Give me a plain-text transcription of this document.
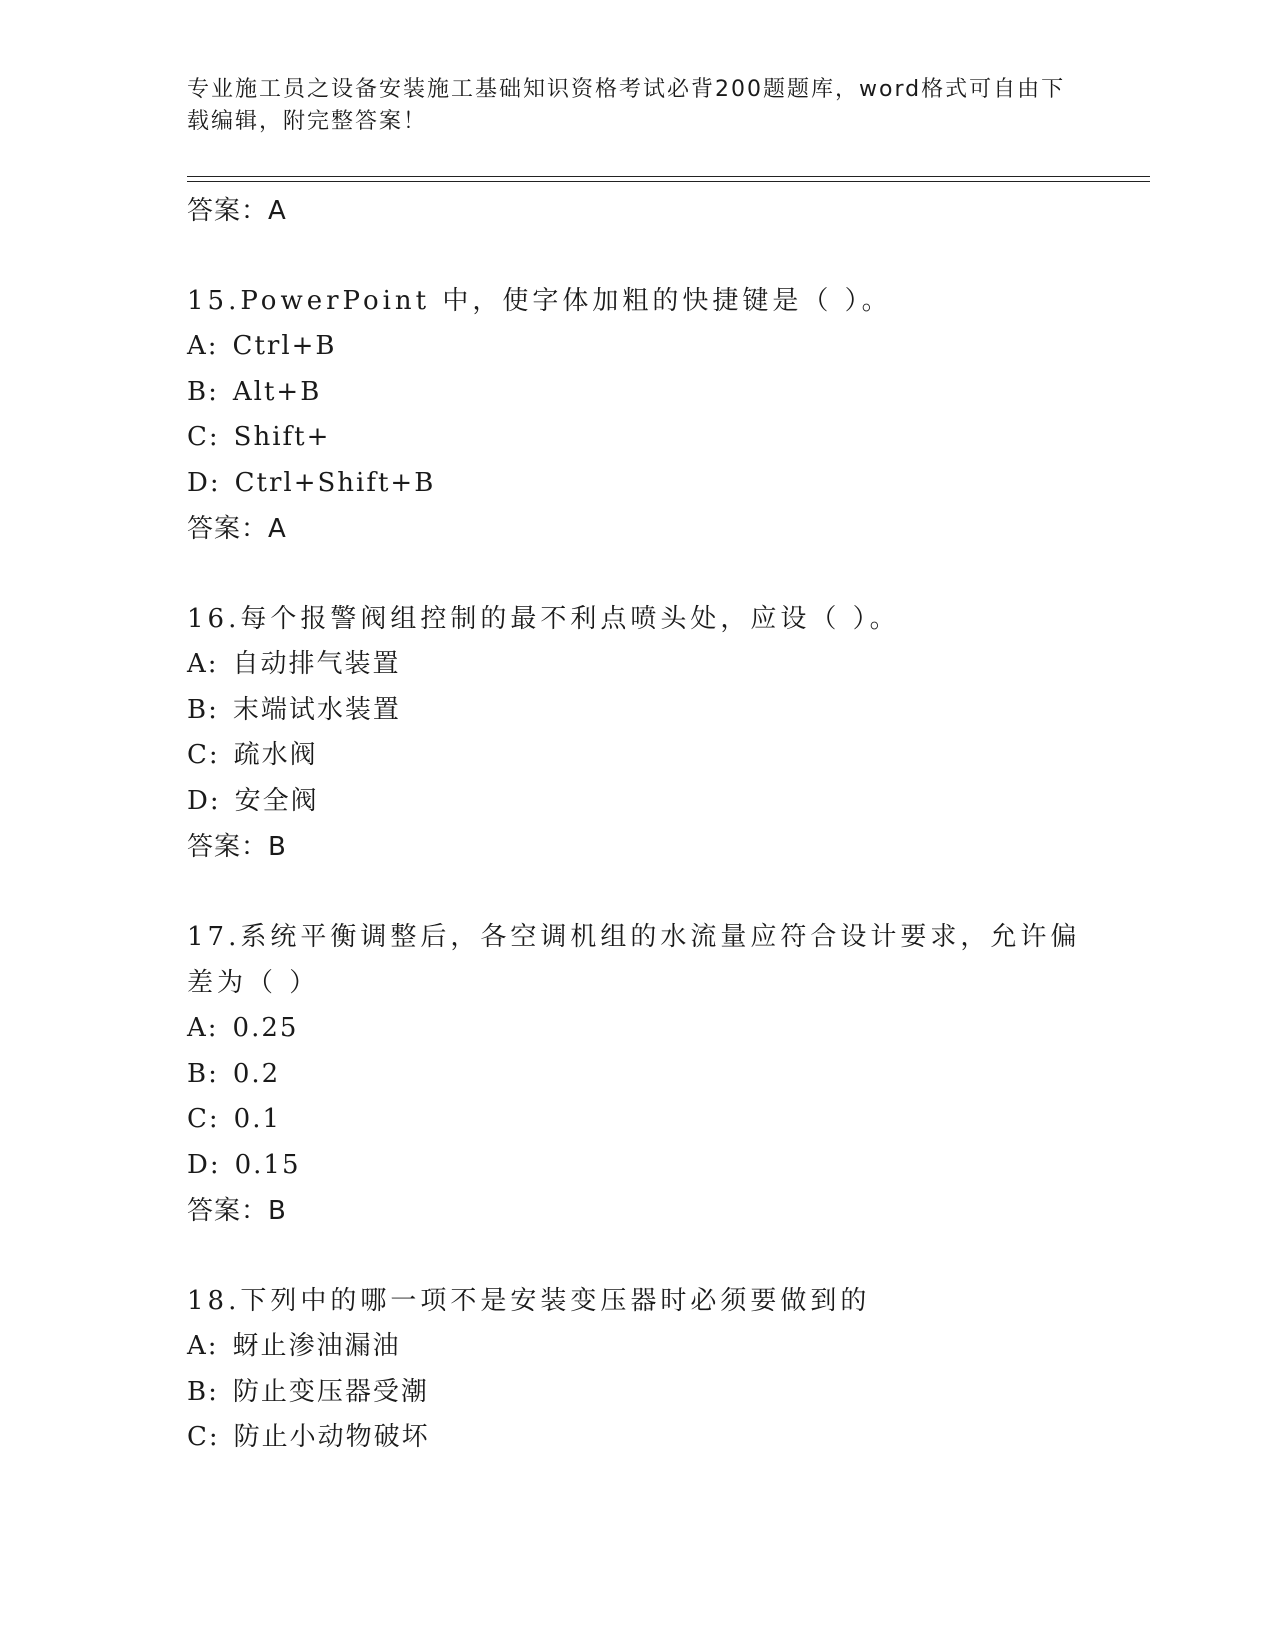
专业施工员之设备安装施工基础知识资格考试必背200题题库，word格式可自由下载编辑，附完整答案！
答案：A
15.PowerPoint 中，使字体加粗的快捷键是（ ）。
A: Ctrl+B
B: Alt+B
C: Shift+
D: Ctrl+Shift+B
答案：A
16.每个报警阀组控制的最不利点喷头处，应设（ ）。
A: 自动排气装置
B: 末端试水装置
C: 疏水阀
D: 安全阀
答案：B
17.系统平衡调整后，各空调机组的水流量应符合设计要求，允许偏差为（ ）
A: 0.25
B: 0.2
C: 0.1
D: 0.15
答案：B
18.下列中的哪一项不是安装变压器时必须要做到的
A: 蚜止渗油漏油
B: 防止变压器受潮
C: 防止小动物破坏
